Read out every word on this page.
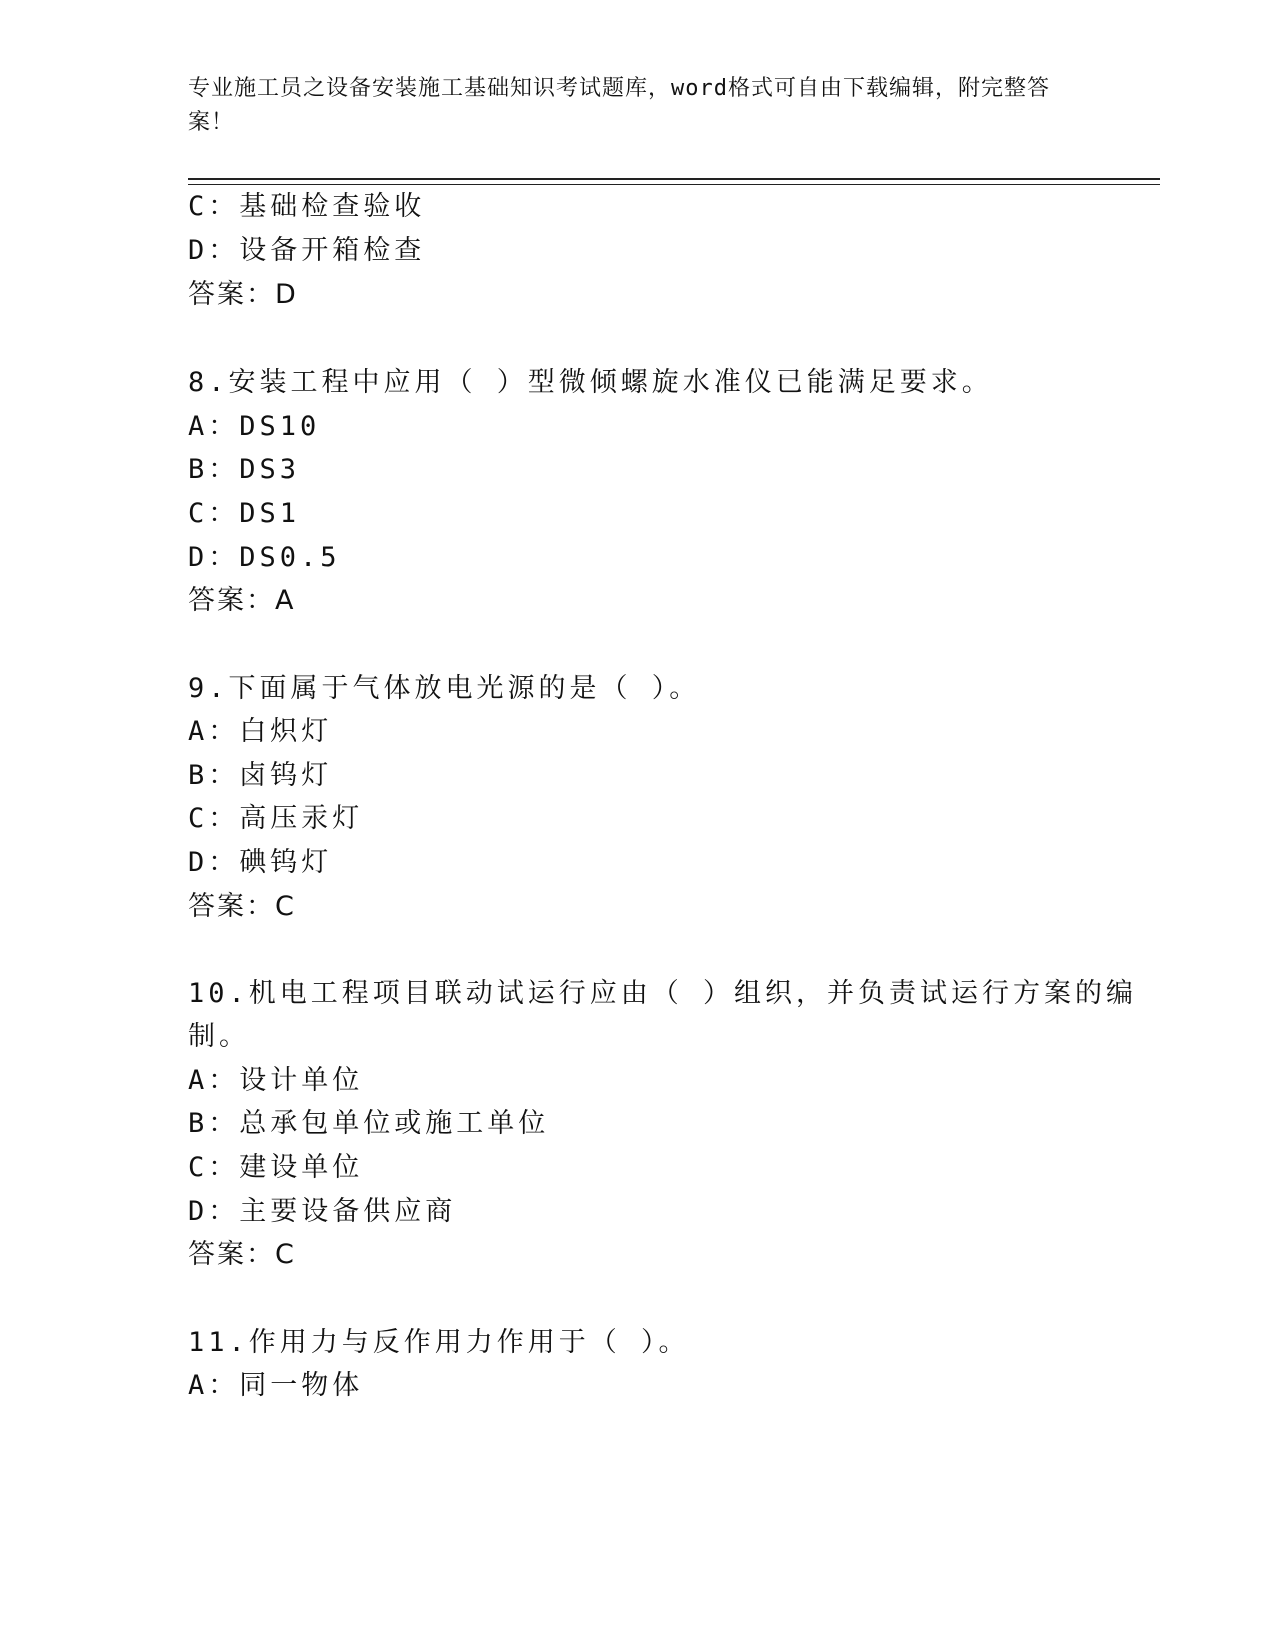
专业施工员之设备安装施工基础知识考试题库，word格式可自由下载编辑，附完整答案！
C：基础检查验收
D：设备开箱检查
答案：D
8.安装工程中应用（ ）型微倾螺旋水准仪已能满足要求。
A：DS10
B：DS3
C：DS1
D：DS0.5
答案：A
9.下面属于气体放电光源的是（ ）。
A：白炽灯
B：卤钨灯
C：高压汞灯
D：碘钨灯
答案：C
10.机电工程项目联动试运行应由（ ）组织，并负责试运行方案的编
制。
A：设计单位
B：总承包单位或施工单位
C：建设单位
D：主要设备供应商
答案：C
11.作用力与反作用力作用于（ ）。
A：同一物体
